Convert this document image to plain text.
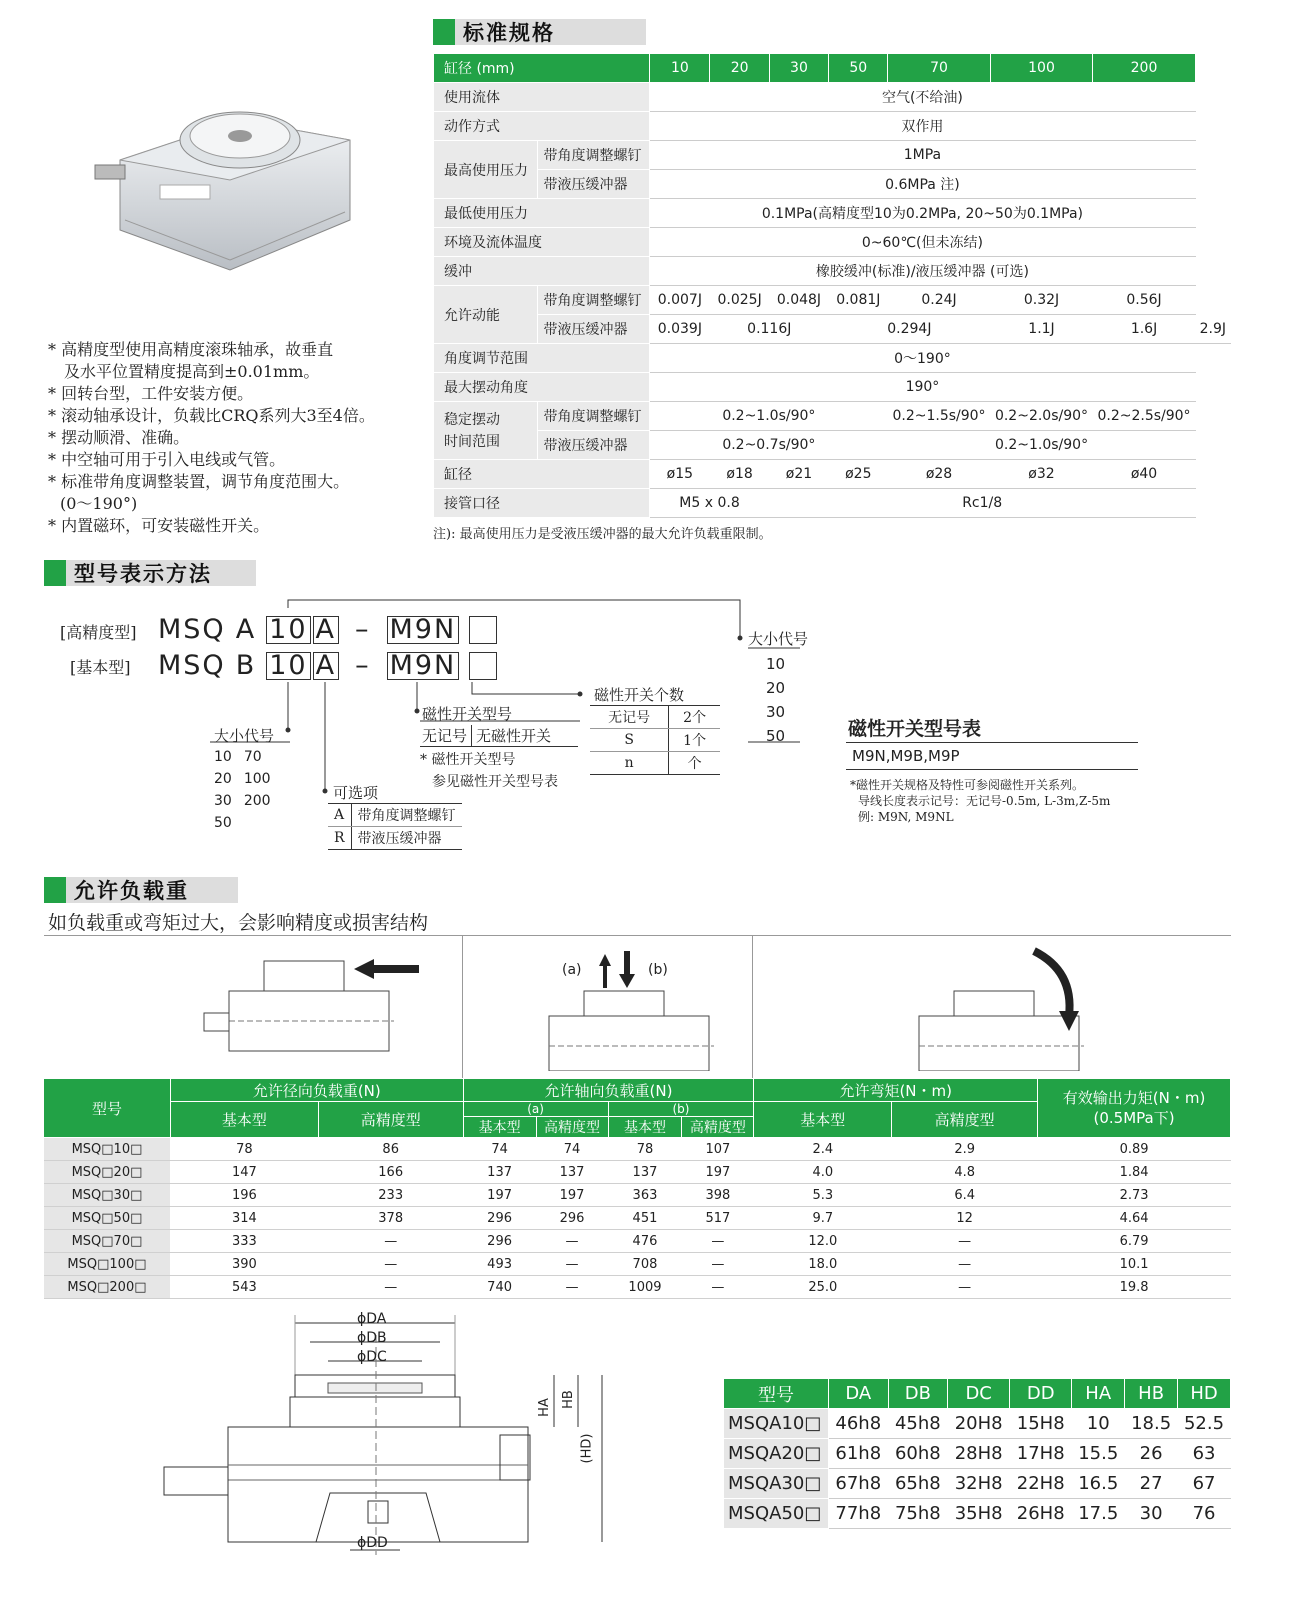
* 高精度型使用高精度滚珠轴承，故垂直
及水平位置精度提高到±0.01mm。
* 回转台型，工件安装方便。
* 滚动轴承设计，负载比CRQ系列大3至4倍。
* 摆动顺滑、准确。
* 中空轴可用于引入电线或气管。
* 标准带角度调整装置，调节角度范围大。
(0～190°)
* 内置磁环，可安装磁性开关。
标准规格
缸径 (mm)		10	20	30	50	70	100	200	
使用流体		空气(不给油)							
动作方式		双作用							
最高使用压力	带角度调整螺钉	1MPa							
	带液压缓冲器	0.6MPa 注)							
最低使用压力		0.1MPa(高精度型10为0.2MPa, 20~50为0.1MPa)							
环境及流体温度		0~60℃(但未冻结)							
缓冲		橡胶缓冲(标准)/液压缓冲器 (可选)							
允许动能	带角度调整螺钉	0.007J	0.025J	0.048J	0.081J	0.24J	0.32J	0.56J	
	带液压缓冲器	0.039J	0.116J		0.294J		1.1J	1.6J	2.9J
角度调节范围		0～190°							
最大摆动角度		190°							

稳定摆动
时间范围	带角度调整螺钉	0.2~1.0s/90°				0.2~1.5s/90°	0.2~2.0s/90°	0.2~2.5s/90°	
	带液压缓冲器	0.2~0.7s/90°				0.2~1.0s/90°			
缸径		ø15	ø18	ø21	ø25	ø28	ø32	ø40	
接管口径		M5 x 0.8		Rc1/8					
注): 最高使用压力是受液压缓冲器的最大允许负载重限制。
型号表示方法
[高精度型]
[基本型]
MSQ A 10 A – M9N
MSQ B 10 A – M9N
大小代号
10	70
20	100
30	200
50	
可选项
A	带角度调整螺钉
R	带液压缓冲器
磁性开关型号
无记号 无磁性开关
* 磁性开关型号
参见磁性开关型号表
磁性开关个数
无记号	2个
S	1个
n	个
大小代号
10
20
30
50	磁性开关型号表
M9N,M9B,M9P
*磁性开关规格及特性可参阅磁性开关系列。
导线长度表示记号：无记号-0.5m, L-3m,Z-5m
例: M9N, M9NL
允许负载重
如负载重或弯矩过大，会影响精度或损害结构
(a)	(b)
型号	允许径向负载重(N)		允许轴向负载重(N)				允许弯矩(N・m)		有效输出力矩(N・m)
(0.5MPa下)

	基本型	高精度型	(a)		(b)		基本型	高精度型	
			基本型	高精度型	基本型	高精度型			
MSQ□10□	78	86	74	74	78	107	2.4	2.9	0.89
MSQ□20□	147	166	137	137	137	197	4.0	4.8	1.84
MSQ□30□	196	233	197	197	363	398	5.3	6.4	2.73
MSQ□50□	314	378	296	296	451	517	9.7	12	4.64
MSQ□70□	333	—	296	—	476	—	12.0	—	6.79
MSQ□100□	390	—	493	—	708	—	18.0	—	10.1
MSQ□200□	543	—	740	—	1009	—	25.0	—	19.8
ϕDA
ϕDB
ϕDC
HA HB
(HD)
ϕDD
型号	DA	DB	DC	DD	HA	HB	HD
MSQA10□	46h8	45h8	20H8	15H8	10	18.5	52.5
MSQA20□	61h8	60h8	28H8	17H8	15.5	26	63
MSQA30□	67h8	65h8	32H8	22H8	16.5	27	67
MSQA50□	77h8	75h8	35H8	26H8	17.5	30	76
